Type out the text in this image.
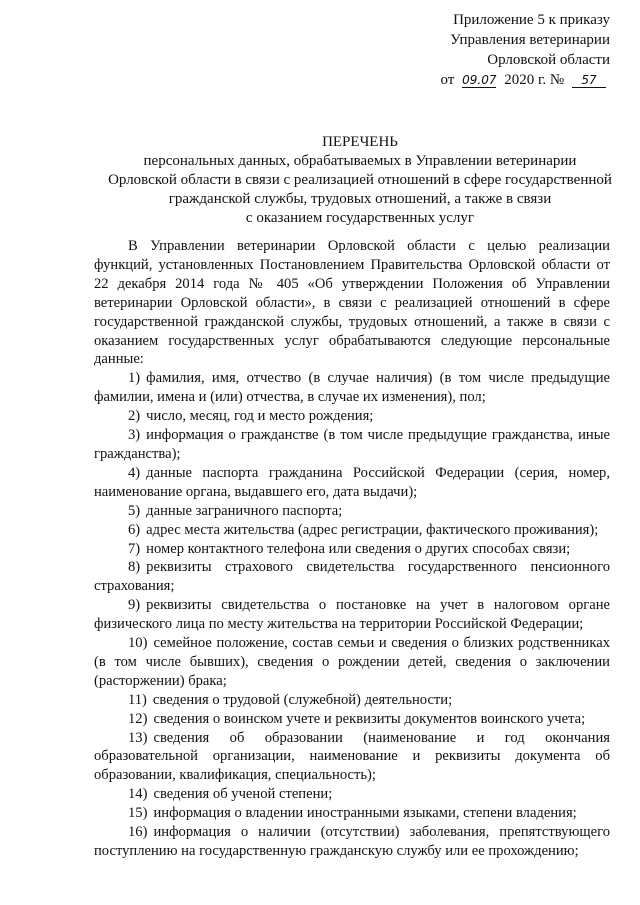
Приложение 5 к приказу
Управления ветеринарии
Орловской области
от 09.07 2020 г. № 57
ПЕРЕЧЕНЬ
персональных данных, обрабатываемых в Управлении ветеринарии
Орловской области в связи с реализацией отношений в сфере государственной
гражданской службы, трудовых отношений, а также в связи
с оказанием государственных услуг

В Управлении ветеринарии Орловской области с целью реализации функций, установленных Постановлением Правительства Орловской области от 22 декабря 2014 года № 405 «Об утверждении Положения об Управлении ветеринарии Орловской области», в связи с реализацией отношений в сфере государственной гражданской службы, трудовых отношений, а также в связи с оказанием государственных услуг обрабатываются следующие персональные данные:

1) фамилия, имя, отчество (в случае наличия) (в том числе предыдущие фамилии, имена и (или) отчества, в случае их изменения), пол;

2) число, месяц, год и место рождения;

3) информация о гражданстве (в том числе предыдущие гражданства, иные гражданства);

4) данные паспорта гражданина Российской Федерации (серия, номер, наименование органа, выдавшего его, дата выдачи);

5) данные заграничного паспорта;

6) адрес места жительства (адрес регистрации, фактического проживания);

7) номер контактного телефона или сведения о других способах связи;

8) реквизиты страхового свидетельства государственного пенсионного страхования;

9) реквизиты свидетельства о постановке на учет в налоговом органе физического лица по месту жительства на территории Российской Федерации;

10) семейное положение, состав семьи и сведения о близких родственниках (в том числе бывших), сведения о рождении детей, сведения о заключении (расторжении) брака;

11) сведения о трудовой (служебной) деятельности;

12) сведения о воинском учете и реквизиты документов воинского учета;

13) сведения об образовании (наименование и год окончания образовательной организации, наименование и реквизиты документа об образовании, квалификация, специальность);

14) сведения об ученой степени;

15) информация о владении иностранными языками, степени владения;

16) информация о наличии (отсутствии) заболевания, препятствующего поступлению на государственную гражданскую службу или ее прохождению;
